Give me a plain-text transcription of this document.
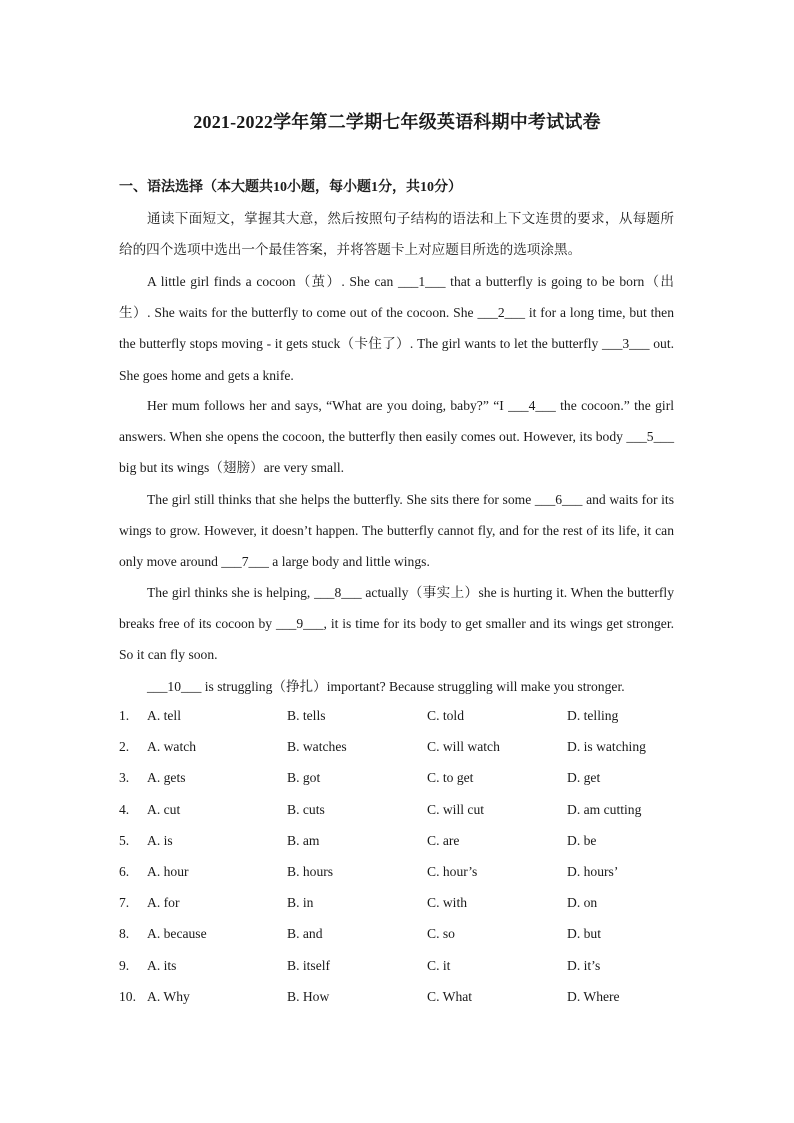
2021-2022学年第二学期七年级英语科期中考试试卷
一、语法选择（本大题共10小题，每小题1分，共10分）

通读下面短文，掌握其大意，然后按照句子结构的语法和上下文连贯的要求，从每题所给的四个选项中选出一个最佳答案，并将答题卡上对应题目所选的选项涂黑。

A little girl finds a cocoon（茧）. She can ___1___ that a butterfly is going to be born（出生）. She waits for the butterfly to come out of the cocoon. She ___2___ it for a long time, but then the butterfly stops moving - it gets stuck（卡住了）. The girl wants to let the butterfly ___3___ out. She goes home and gets a knife.

Her mum follows her and says, “What are you doing, baby?” “I ___4___ the cocoon.” the girl answers. When she opens the cocoon, the butterfly then easily comes out. However, its body ___5___ big but its wings（翅膀）are very small.

The girl still thinks that she helps the butterfly. She sits there for some ___6___ and waits for its wings to grow. However, it doesn’t happen. The butterfly cannot fly, and for the rest of its life, it can only move around ___7___ a large body and little wings.

The girl thinks she is helping, ___8___ actually（事实上）she is hurting it. When the butterfly breaks free of its cocoon by ___9___, it is time for its body to get smaller and its wings get stronger. So it can fly soon.

___10___ is struggling（挣扎）important? Because struggling will make you stronger.

1. A. tell	B. tells	C. told	D. telling
2. A. watch	B. watches	C. will watch	D. is watching
3. A. gets	B. got	C. to get	D. get
4. A. cut	B. cuts	C. will cut	D. am cutting
5. A. is	B. am	C. are	D. be
6. A. hour	B. hours	C. hour’s	D. hours’
7. A. for	B. in	C. with	D. on
8. A. because	B. and	C. so	D. but
9. A. its	B. itself	C. it	D. it’s
10. A. Why	B. How	C. What	D. Where
